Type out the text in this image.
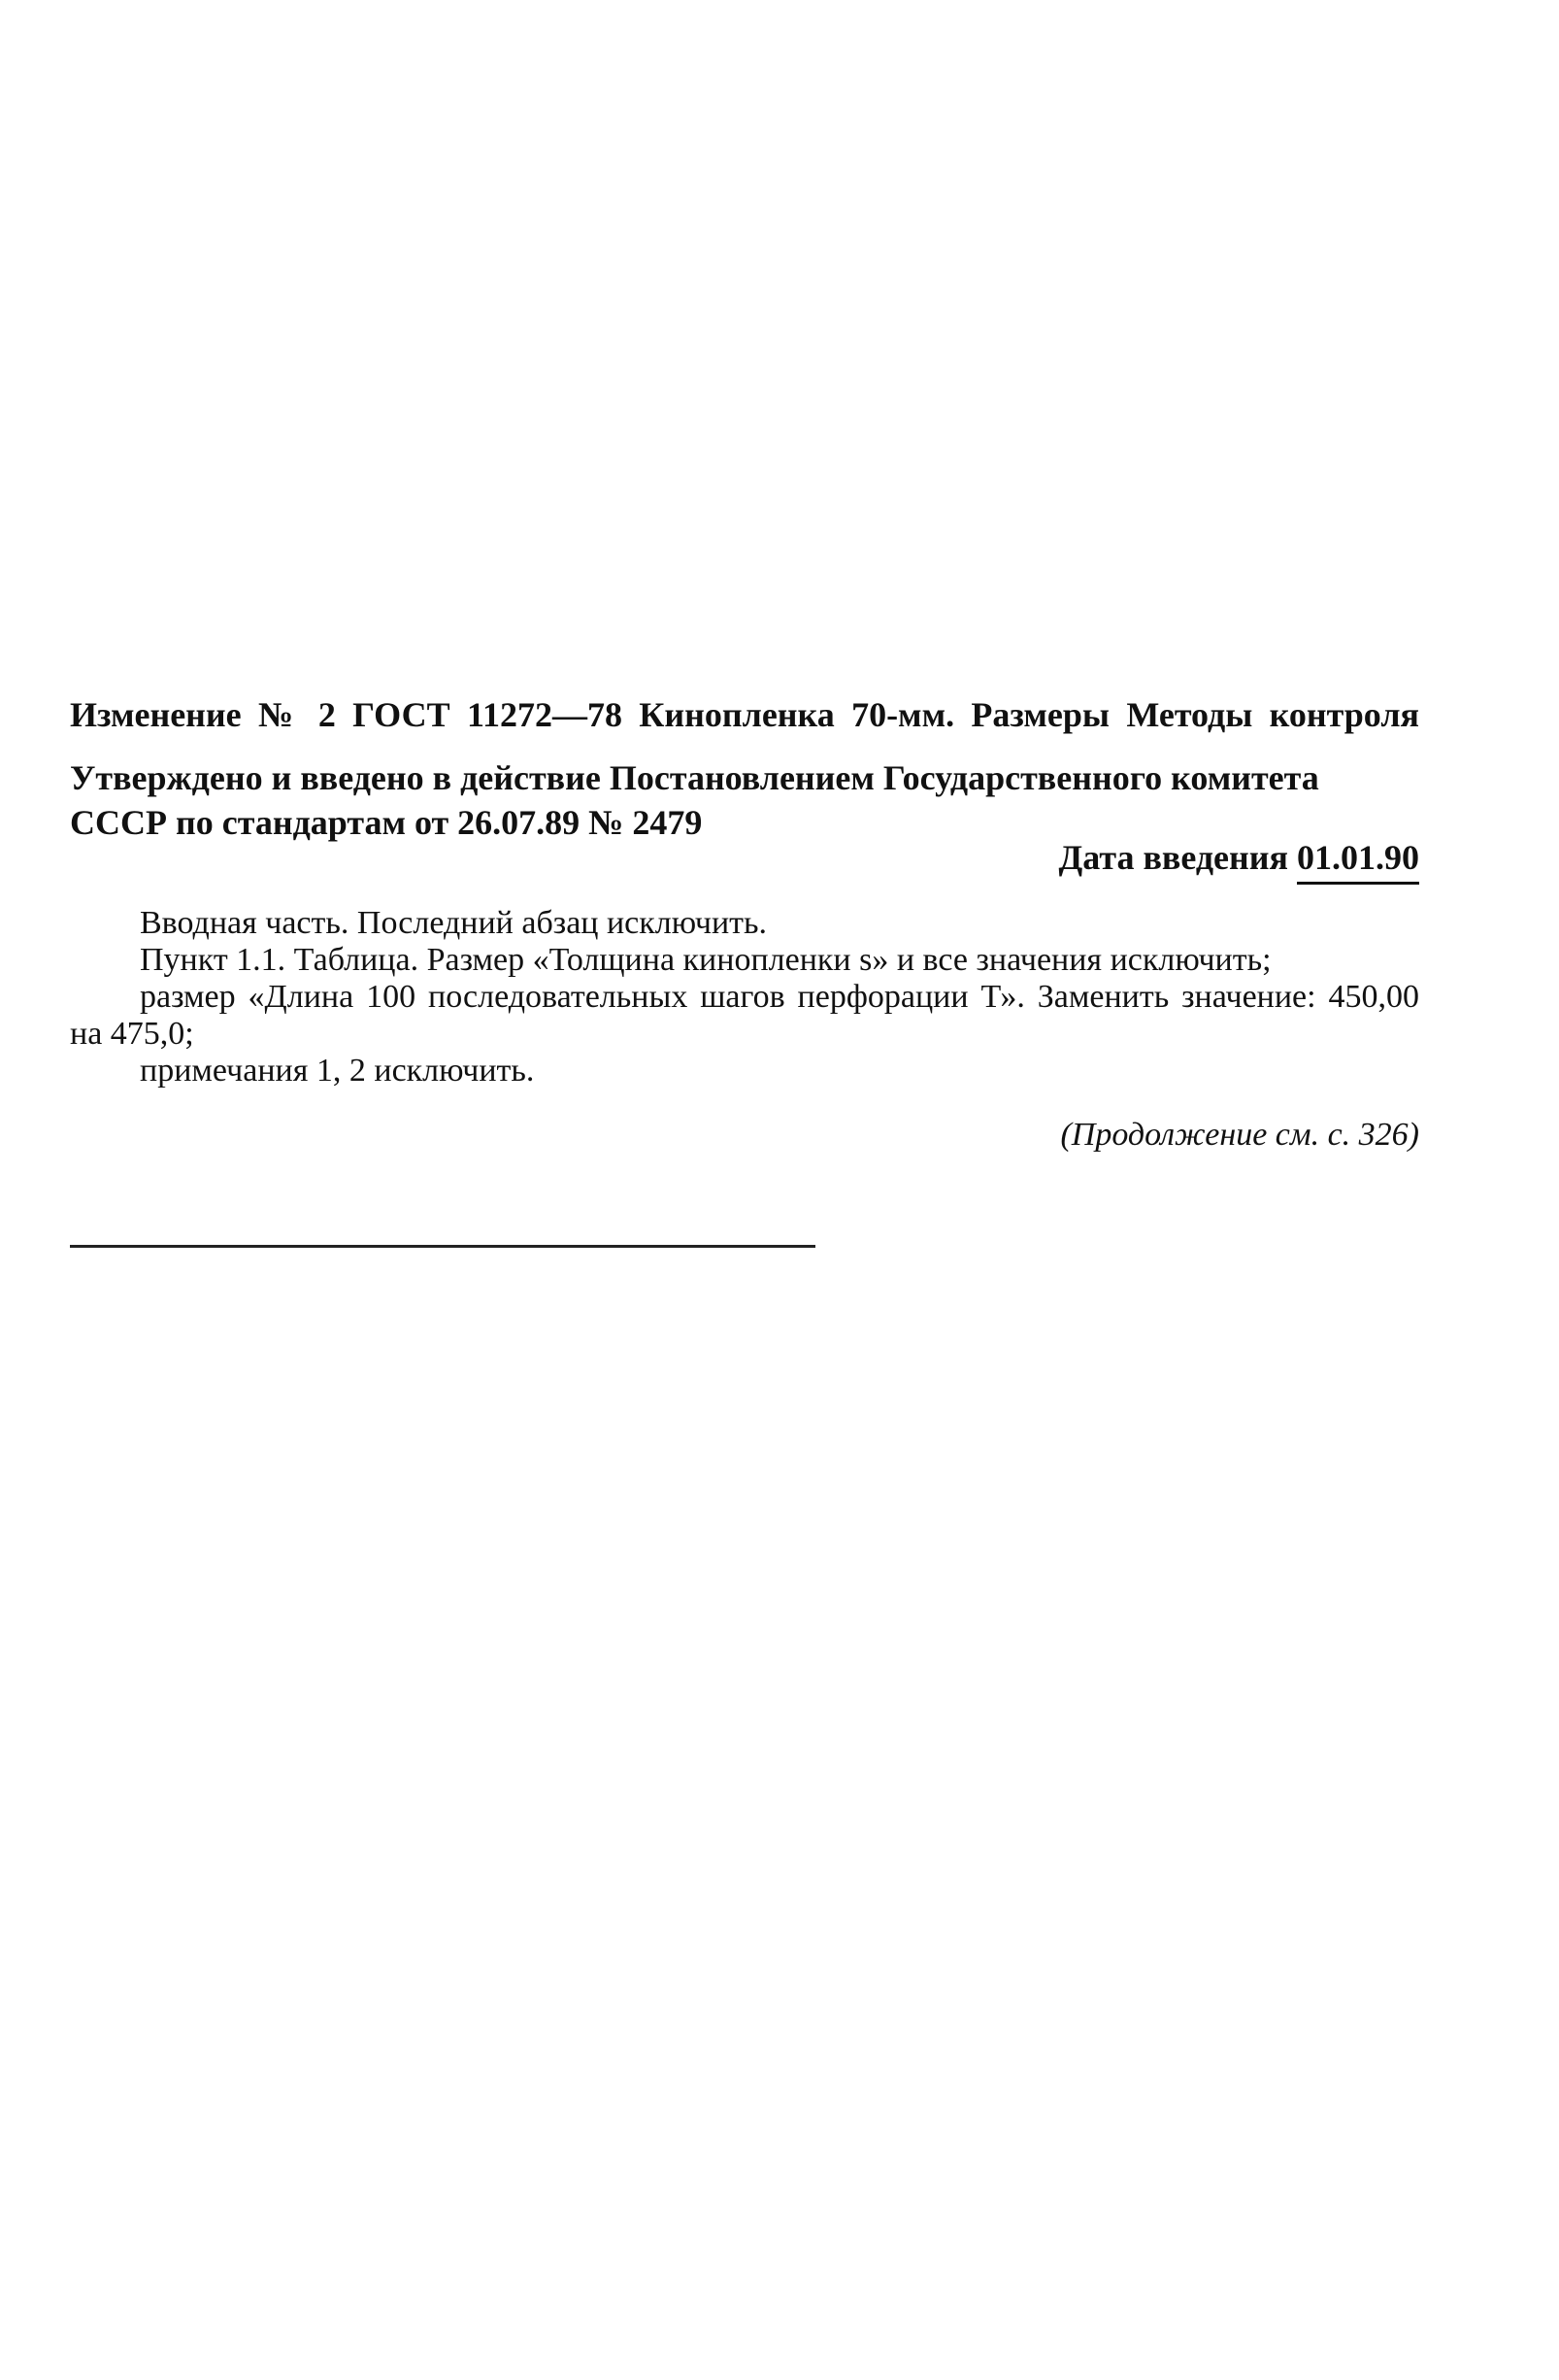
Изменение № 2 ГОСТ 11272—78 Кинопленка 70-мм. Размеры Методы контроля
Утверждено и введено в действие Постановлением Государственного комитета
СССР по стандартам от 26.07.89 № 2479
Дата введения 01.01.90

Вводная часть. Последний абзац исключить.

Пункт 1.1. Таблица. Размер «Толщина кинопленки s» и все значения исключить;

размер «Длина 100 последовательных шагов перфорации Т». Заменить значение: 450,00 на 475,0;

примечания 1, 2 исключить.

(Продолжение см. с. 326)
